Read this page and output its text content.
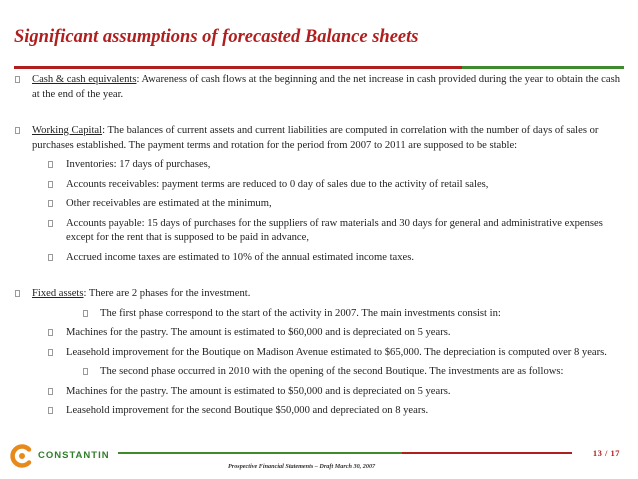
Significant assumptions of forecasted Balance sheets
Cash & cash equivalents: Awareness of cash flows at the beginning and the net increase in cash provided during the year to obtain the cash at the end of the year.
Working Capital: The balances of current assets and current liabilities are computed in correlation with the number of days of sales or purchases established. The payment terms and rotation for the period from 2007 to 2011 are supposed to be stable:
Inventories: 17 days of purchases,
Accounts receivables: payment terms are reduced to 0 day of sales due to the activity of retail sales,
Other receivables are estimated at the minimum,
Accounts payable: 15 days of purchases for the suppliers of raw materials and 30 days for general and administrative expenses except for the rent that is supposed to be paid in advance,
Accrued income taxes are estimated to 10% of the annual estimated income taxes.
Fixed assets: There are 2 phases for the investment.
The first phase correspond to the start of the activity in 2007. The main investments consist in:
Machines for the pastry. The amount is estimated to $60,000 and is depreciated on 5 years.
Leasehold improvement for the Boutique on Madison Avenue estimated to $65,000. The depreciation is computed over 8 years.
The second phase occurred in 2010 with the opening of the second Boutique. The investments are as follows:
Machines for the pastry. The amount is estimated to $50,000 and is depreciated on 5 years.
Leasehold improvement for the second Boutique $50,000 and depreciated on 8 years.
CONSTANTIN	13 / 17
Prospective Financial Statements – Draft March 30, 2007
